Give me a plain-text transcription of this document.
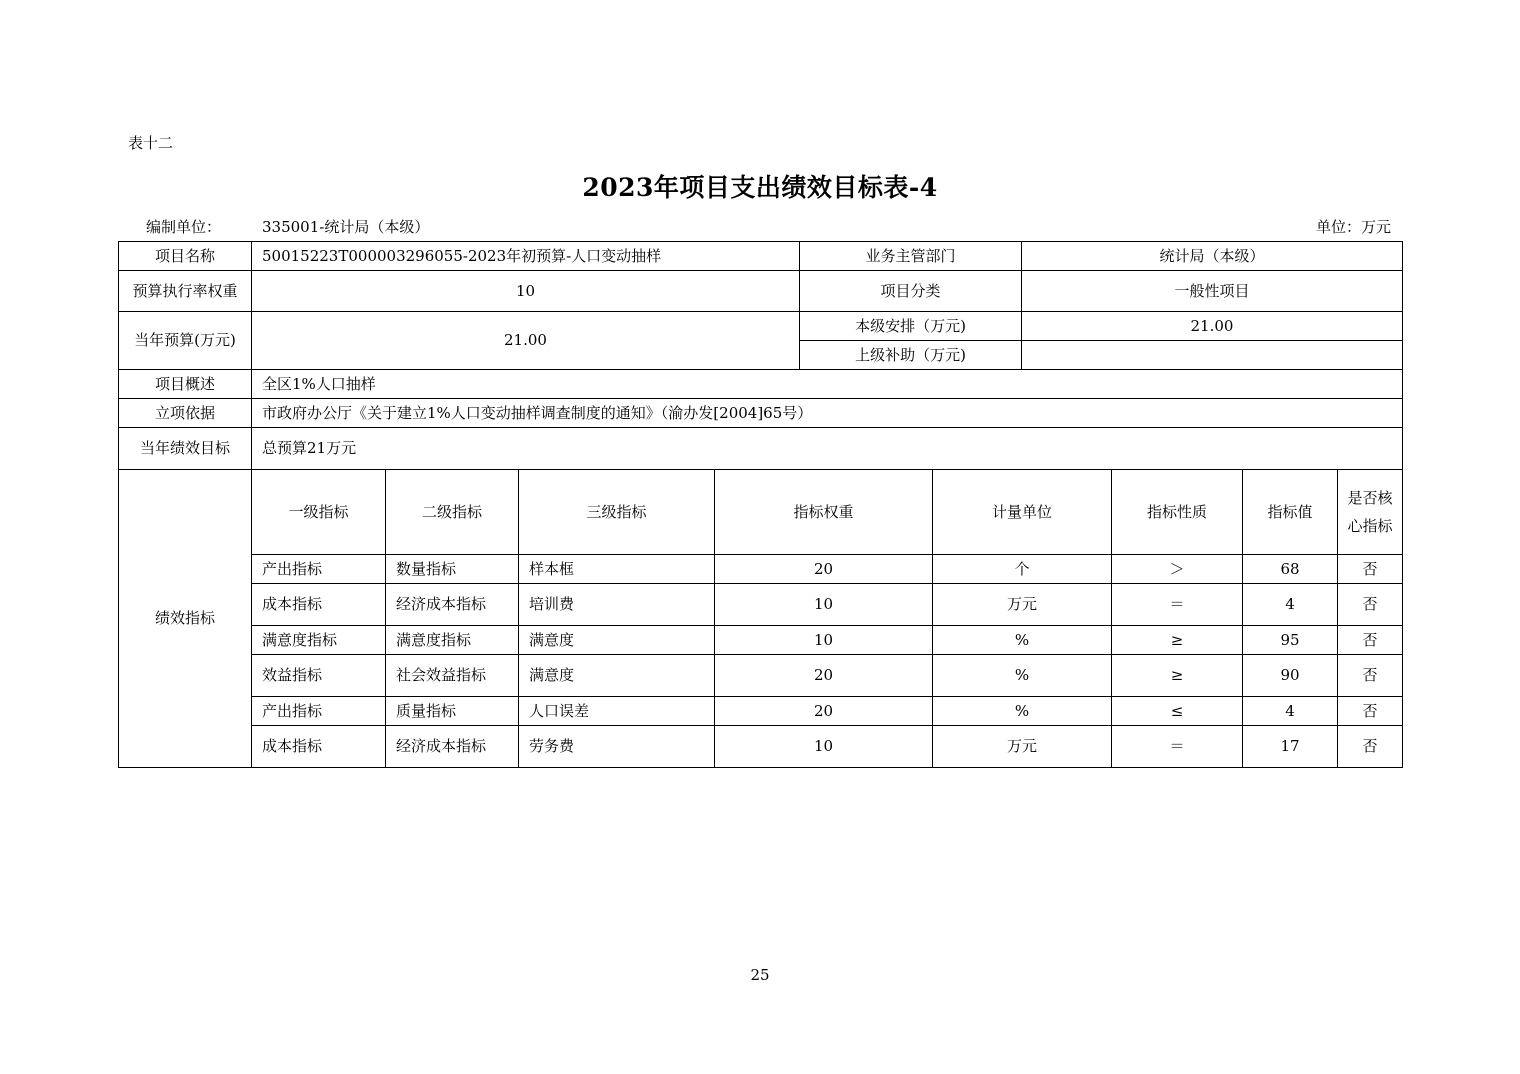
表十二
2023年项目支出绩效目标表-4
编制单位：	335001-统计局（本级）	单位：万元
项目名称	50015223T000003296055-2023年初预算-人口变动抽样	业务主管部门	统计局（本级）
预算执行率权重	10	项目分类	一般性项目
当年预算(万元)	21.00	本级安排（万元)	21.00
		上级补助（万元)	
项目概述	全区1%人口抽样		
立项依据	市政府办公厅《关于建立1%人口变动抽样调查制度的通知》（渝办发[2004]65号）		
当年绩效目标	总预算21万元		
绩效指标	一级指标	二级指标	三级指标	指标权重	计量单位	指标性质	指标值	是否核心指标
	产出指标	数量指标	样本框	20	个	＞	68	否
	成本指标	经济成本指标	培训费	10	万元	＝	4	否
	满意度指标	满意度指标	满意度	10	%	≥	95	否
	效益指标	社会效益指标	满意度	20	%	≥	90	否
	产出指标	质量指标	人口误差	20	%	≤	4	否
	成本指标	经济成本指标	劳务费	10	万元	＝	17	否
25
